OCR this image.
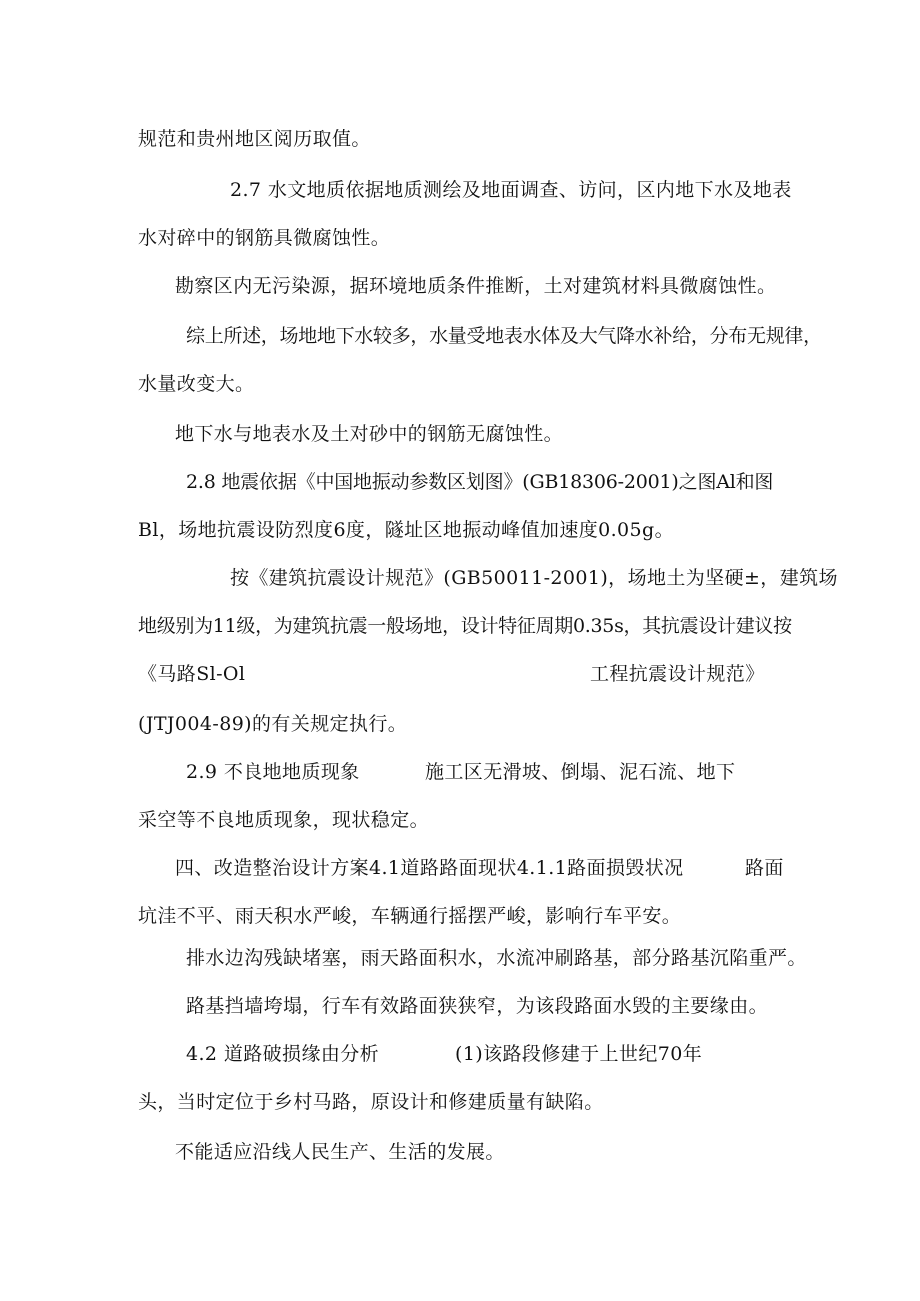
规范和贵州地区阅历取值。
2.7 水文地质依据地质测绘及地面调查、访问，区内地下水及地表
水对碎中的钢筋具微腐蚀性。
勘察区内无污染源，据环境地质条件推断，土对建筑材料具微腐蚀性。
综上所述，场地地下水较多，水量受地表水体及大气降水补给，分布无规律，
水量改变大。
地下水与地表水及土对砂中的钢筋无腐蚀性。
2.8 地震依据《中国地振动参数区划图》(GB18306-2001)之图Al和图
Bl，场地抗震设防烈度6度，隧址区地振动峰值加速度0.05g。
按《建筑抗震设计规范》(GB50011-2001)，场地土为坚硬±，建筑场
地级别为11级，为建筑抗震一般场地，设计特征周期0.35s，其抗震设计建议按
《马路Sl-Ol	工程抗震设计规范》
(JTJ004-89)的有关规定执行。
2.9 不良地地质现象	施工区无滑坡、倒塌、泥石流、地下
采空等不良地质现象，现状稳定。
四、改造整治设计方案4.1道路路面现状4.1.1路面损毁状况	路面
坑洼不平、雨天积水严峻，车辆通行摇摆严峻，影响行车平安。
排水边沟残缺堵塞，雨天路面积水，水流冲刷路基，部分路基沉陷重严。
路基挡墙垮塌，行车有效路面狭狭窄，为该段路面水毁的主要缘由。
4.2 道路破损缘由分析	(1)该路段修建于上世纪70年
头，当时定位于乡村马路，原设计和修建质量有缺陷。
不能适应沿线人民生产、生活的发展。
